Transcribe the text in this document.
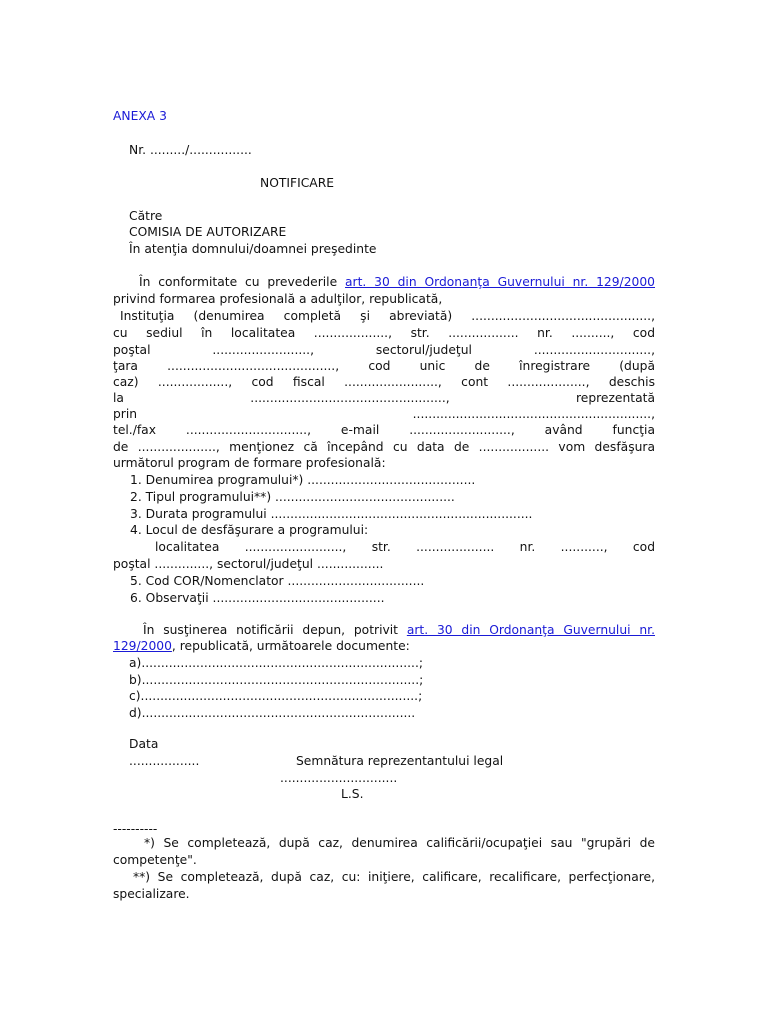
ANEXA 3
Nr. ........./................
NOTIFICARE
Către
COMISIA DE AUTORIZARE
În atenţia domnului/doamnei preşedinte
În conformitate cu prevederile art. 30 din Ordonanţa Guvernului nr. 129/2000
privind formarea profesională a adulţilor, republicată,
Instituţia (denumirea completă şi abreviată) ..............................................,
cu sediul în localitatea ..................., str. .................. nr. .........., cod
poştal ........................., sectorul/judeţul ..............................,
ţara ..........................................., cod unic de înregistrare (după
caz) .................., cod fiscal ........................, cont ...................., deschis
la .................................................., reprezentată
prin .............................................................,
tel./fax ..............................., e-mail .........................., având funcţia
de ...................., menţionez că începând cu data de .................. vom desfăşura
următorul program de formare profesională:
1. Denumirea programului*) ...........................................
2. Tipul programului**) ..............................................
3. Durata programului ...................................................................
4. Locul de desfăşurare a programului:
localitatea ........................., str. .................... nr. ..........., cod
poştal .............., sectorul/judeţul .................
5. Cod COR/Nomenclator ...................................
6. Observaţii ............................................
În susţinerea notificării depun, potrivit art. 30 din Ordonanţa Guvernului nr.
129/2000, republicată, următoarele documente:
a).......................................................................;
b).......................................................................;
c).......................................................................;
d)......................................................................
Data
..................	Semnătura reprezentantului legal
..............................
L.S.
----------
*) Se completează, după caz, denumirea calificării/ocupaţiei sau "grupări de
competenţe".
**) Se completează, după caz, cu: iniţiere, calificare, recalificare, perfecţionare,
specializare.
